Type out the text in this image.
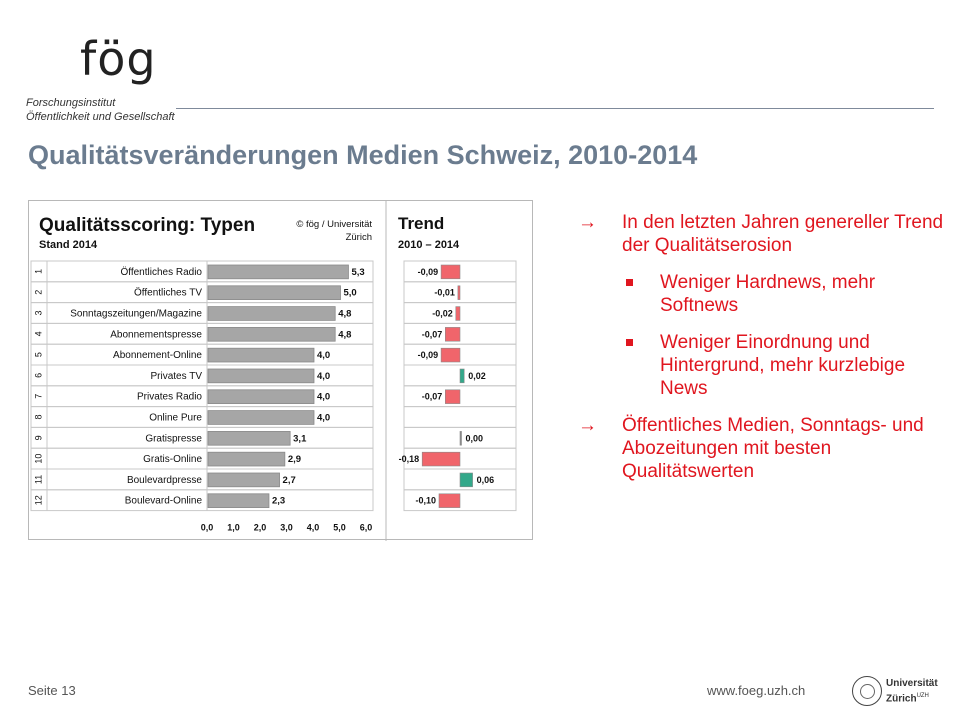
fög
Forschungsinstitut
Öffentlichkeit und Gesellschaft
Qualitätsveränderungen Medien Schweiz, 2010-2014
Qualitätsscoring: Typen
Stand 2014
© fög / Universität
Zürich
Trend
2010 – 2014
1	Öffentliches Radio	5,3	-0,09
2	Öffentliches TV	5,0	-0,01
3	Sonntagszeitungen/Magazine	4,8	-0,02
4	Abonnementspresse	4,8	-0,07
5	Abonnement-Online	4,0	-0,09
6	Privates TV	4,0	0,02
7	Privates Radio	4,0	-0,07
8	Online Pure	4,0
9	Gratispresse	3,1	0,00
10	Gratis-Online	2,9	-0,18
11	Boulevardpresse	2,7	0,06
12	Boulevard-Online	2,3	-0,10
0,0 1,0 2,0 3,0 4,0 5,0 6,0
→ In den letzten Jahren genereller Trend der Qualitätserosion
Weniger Hardnews, mehr Softnews
Weniger Einordnung und Hintergrund, mehr kurzlebige News
→ Öffentliches Medien, Sonntags- und Abozeitungen mit besten Qualitätswerten
Seite 13	www.foeg.uzh.ch	Universität
Zürich$^{UZH}$
